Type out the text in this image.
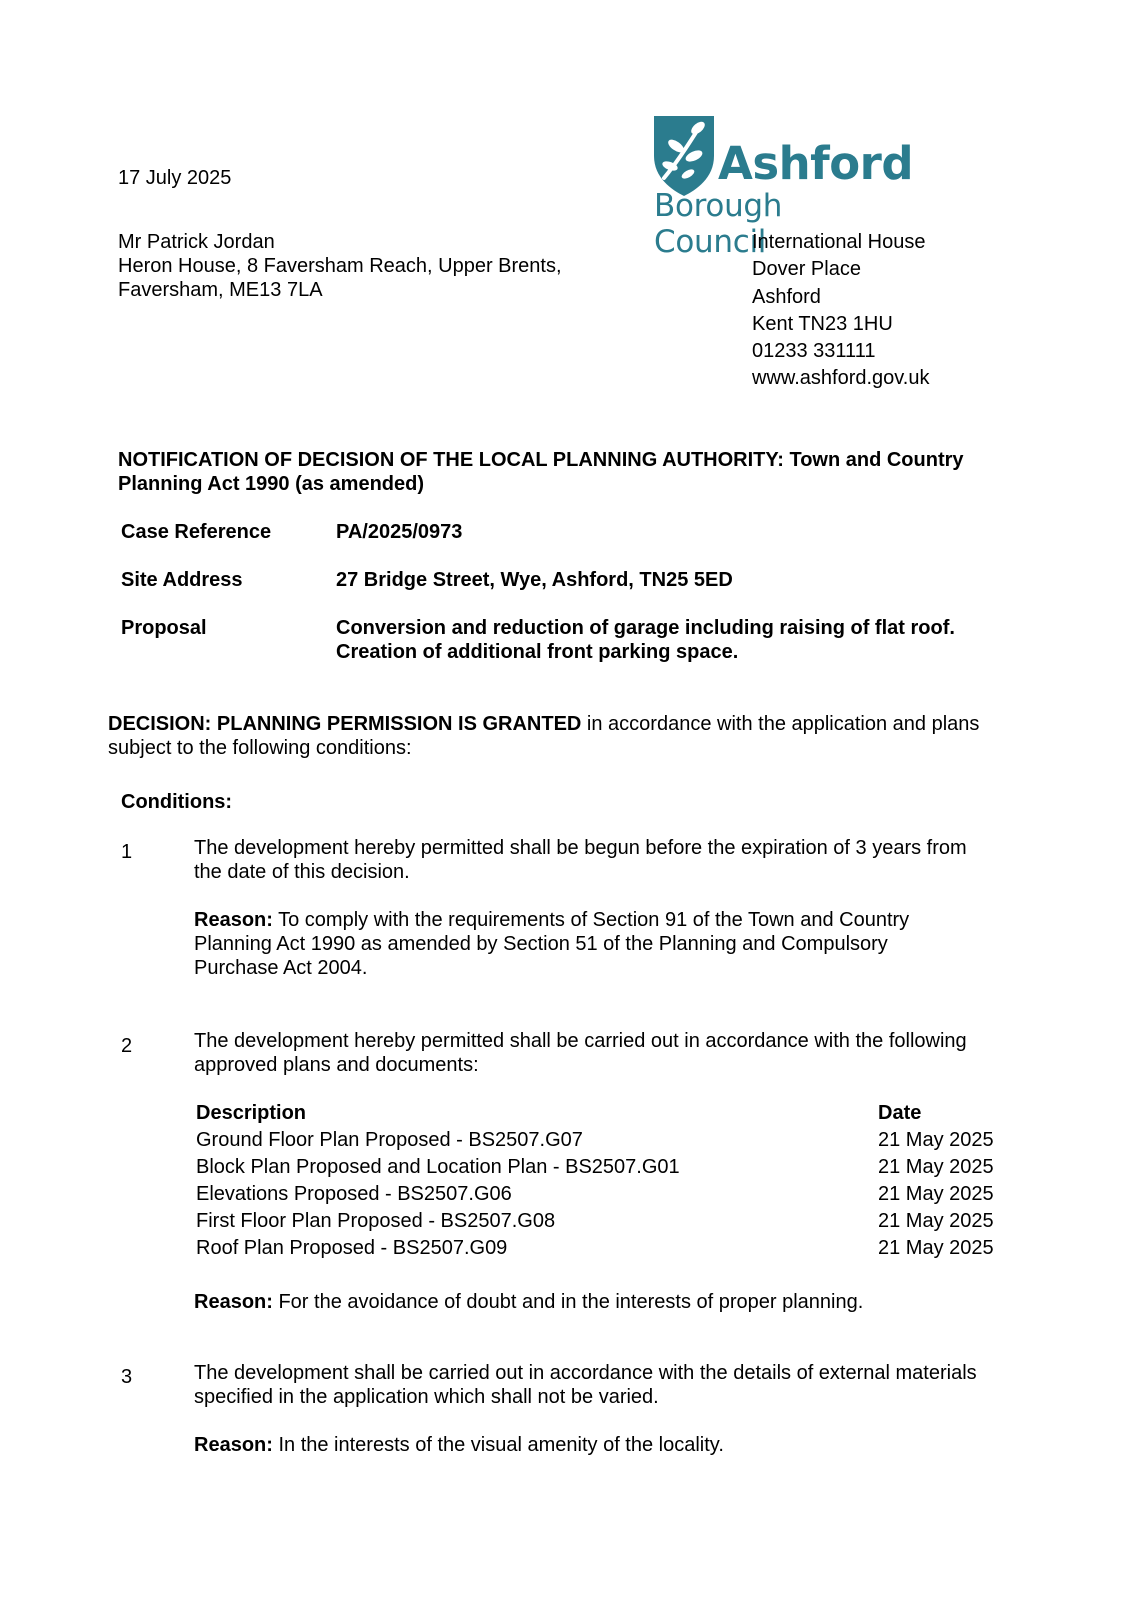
Ashford
Borough Council
17 July 2025
Mr Patrick Jordan
Heron House, 8 Faversham Reach, Upper Brents,
Faversham, ME13 7LA
International House
Dover Place
Ashford
Kent TN23 1HU
01233 331111
www.ashford.gov.uk
NOTIFICATION OF DECISION OF THE LOCAL PLANNING AUTHORITY: Town and Country
Planning Act 1990 (as amended)
Case Reference	PA/2025/0973
Site Address	27 Bridge Street, Wye, Ashford, TN25 5ED
Proposal	Conversion and reduction of garage including raising of flat roof.
Creation of additional front parking space.
DECISION: PLANNING PERMISSION IS GRANTED in accordance with the application and plans
subject to the following conditions:
Conditions:
1	The development hereby permitted shall be begun before the expiration of 3 years from
the date of this decision.
Reason: To comply with the requirements of Section 91 of the Town and Country
Planning Act 1990 as amended by Section 51 of the Planning and Compulsory
Purchase Act 2004.
2	The development hereby permitted shall be carried out in accordance with the following
approved plans and documents:
Description	Date
Ground Floor Plan Proposed - BS2507.G07	21 May 2025
Block Plan Proposed and Location Plan - BS2507.G01	21 May 2025
Elevations Proposed - BS2507.G06	21 May 2025
First Floor Plan Proposed - BS2507.G08	21 May 2025
Roof Plan Proposed - BS2507.G09	21 May 2025
Reason: For the avoidance of doubt and in the interests of proper planning.
3	The development shall be carried out in accordance with the details of external materials
specified in the application which shall not be varied.
Reason: In the interests of the visual amenity of the locality.
